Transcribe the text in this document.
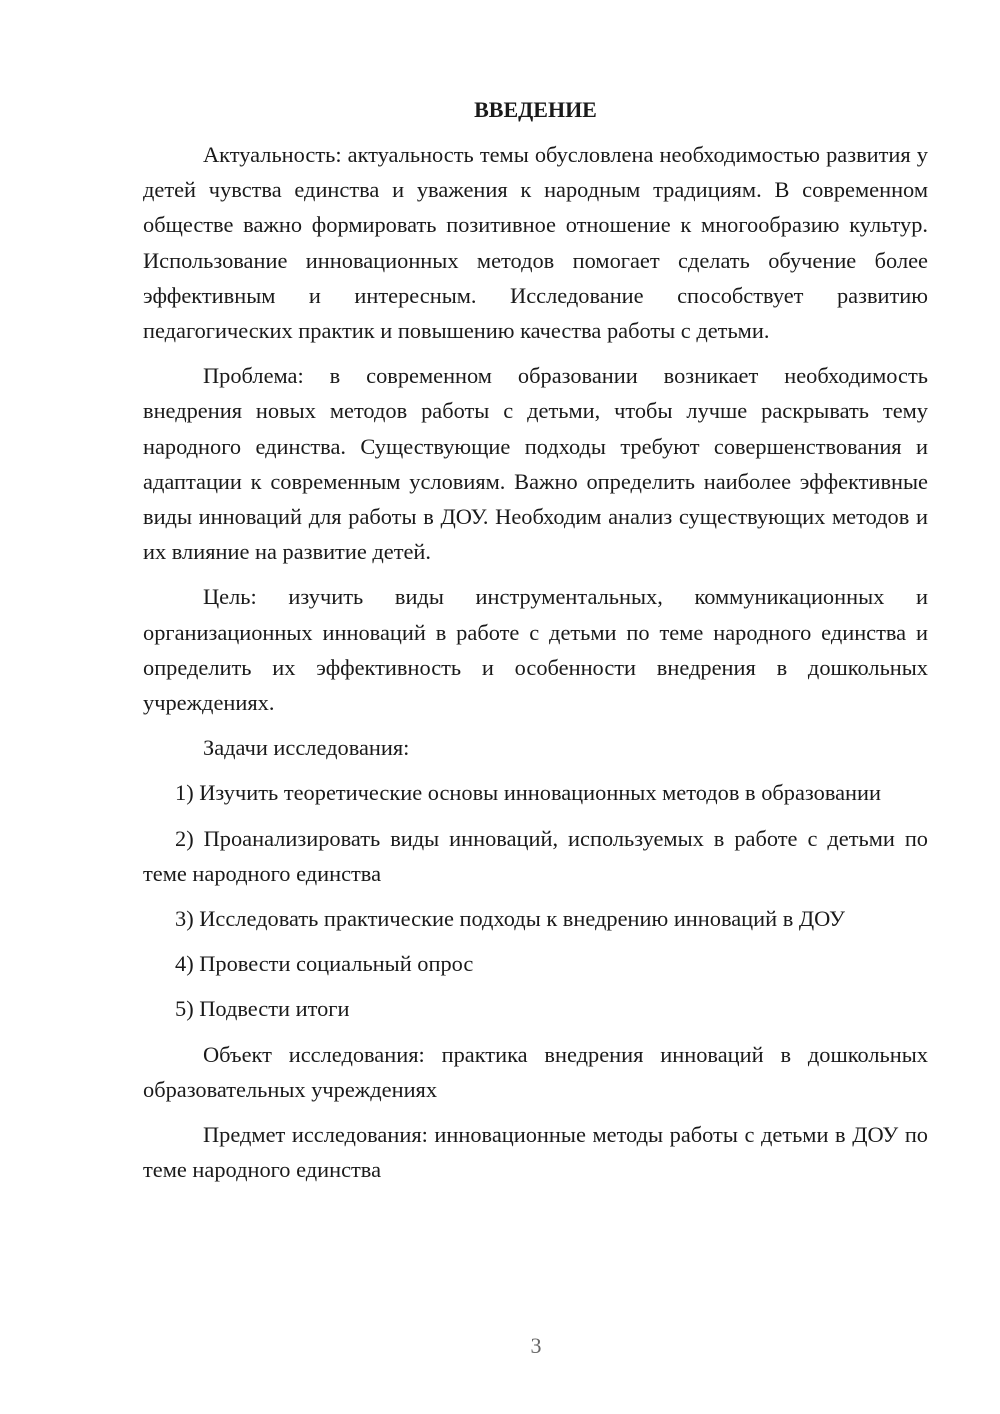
ВВЕДЕНИЕ

Актуальность: актуальность темы обусловлена необходимостью развития у детей чувства единства и уважения к народным традициям. В современном обществе важно формировать позитивное отношение к многообразию культур. Использование инновационных методов помогает сделать обучение более эффективным и интересным. Исследование способствует развитию педагогических практик и повышению качества работы с детьми.

Проблема: в современном образовании возникает необходимость внедрения новых методов работы с детьми, чтобы лучше раскрывать тему народного единства. Существующие подходы требуют совершенствования и адаптации к современным условиям. Важно определить наиболее эффективные виды инноваций для работы в ДОУ. Необходим анализ существующих методов и их влияние на развитие детей.

Цель: изучить виды инструментальных, коммуникационных и организационных инноваций в работе с детьми по теме народного единства и определить их эффективность и особенности внедрения в дошкольных учреждениях.

Задачи исследования:

1) Изучить теоретические основы инновационных методов в образовании

2) Проанализировать виды инноваций, используемых в работе с детьми по теме народного единства

3) Исследовать практические подходы к внедрению инноваций в ДОУ

4) Провести социальный опрос

5) Подвести итоги

Объект исследования: практика внедрения инноваций в дошкольных образовательных учреждениях

Предмет исследования: инновационные методы работы с детьми в ДОУ по теме народного единства

3
